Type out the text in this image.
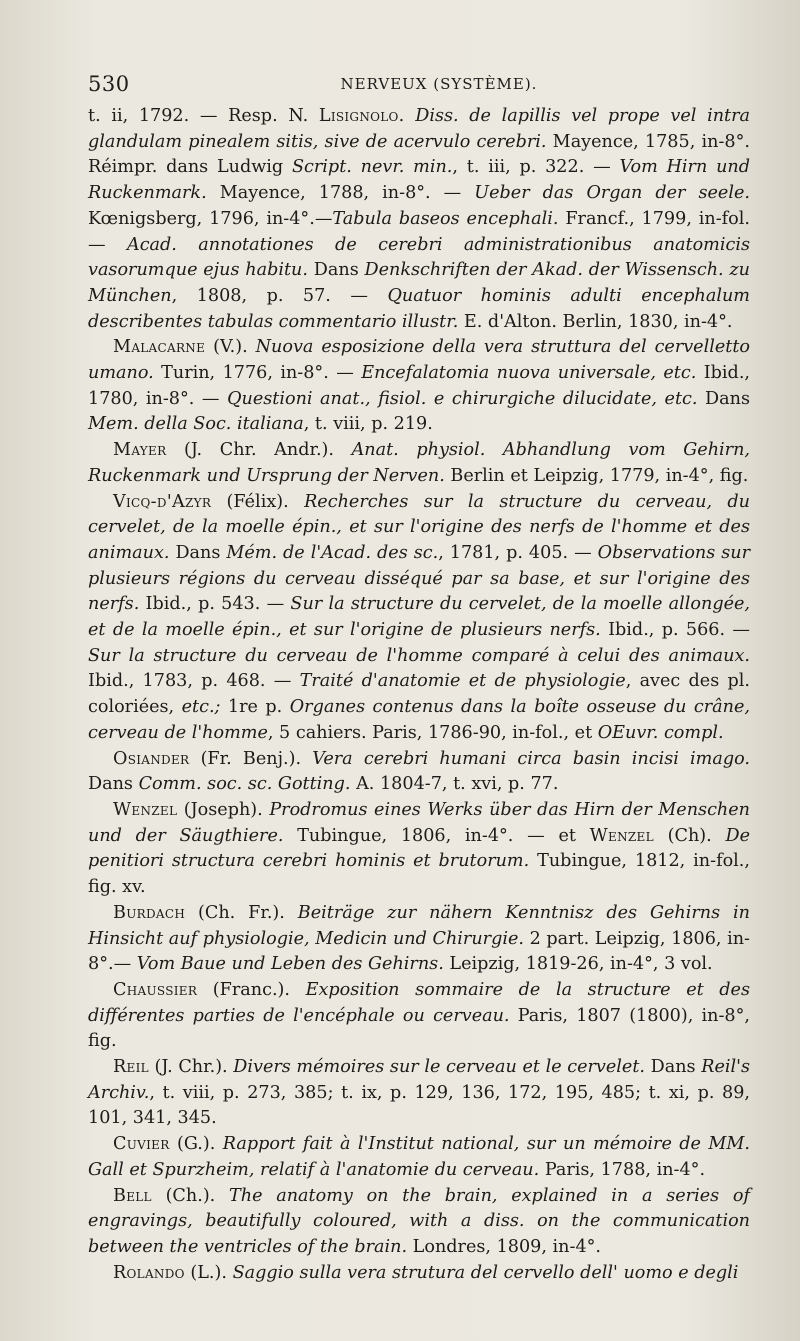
530	NERVEUX (SYSTÈME).

t. ii, 1792. — Resp. N. Lisignolo. Diss. de lapillis vel prope vel intra glandulam pinealem sitis, sive de acervulo cerebri. Mayence, 1785, in-8°. Réimpr. dans Ludwig Script. nevr. min., t. iii, p. 322. — Vom Hirn und Ruckenmark. Mayence, 1788, in-8°. — Ueber das Organ der seele. Kœnigsberg, 1796, in-4°.—Tabula baseos encephali. Francf., 1799, in-fol. — Acad. annotationes de cerebri administrationibus anatomicis vasorumque ejus habitu. Dans Denkschriften der Akad. der Wissensch. zu München, 1808, p. 57. — Quatuor hominis adulti encephalum describentes tabulas commentario illustr. E. d'Alton. Berlin, 1830, in-4°.

Malacarne (V.). Nuova esposizione della vera struttura del cervelletto umano. Turin, 1776, in-8°. — Encefalatomia nuova universale, etc. Ibid., 1780, in-8°. — Questioni anat., fisiol. e chirurgiche dilucidate, etc. Dans Mem. della Soc. italiana, t. viii, p. 219.

Mayer (J. Chr. Andr.). Anat. physiol. Abhandlung vom Gehirn, Ruckenmark und Ursprung der Nerven. Berlin et Leipzig, 1779, in-4°, fig.

Vicq-d'Azyr (Félix). Recherches sur la structure du cerveau, du cervelet, de la moelle épin., et sur l'origine des nerfs de l'homme et des animaux. Dans Mém. de l'Acad. des sc., 1781, p. 405. — Observations sur plusieurs régions du cerveau disséqué par sa base, et sur l'origine des nerfs. Ibid., p. 543. — Sur la structure du cervelet, de la moelle allongée, et de la moelle épin., et sur l'origine de plusieurs nerfs. Ibid., p. 566. — Sur la structure du cerveau de l'homme comparé à celui des animaux. Ibid., 1783, p. 468. — Traité d'anatomie et de physiologie, avec des pl. coloriées, etc.; 1re p. Organes contenus dans la boîte osseuse du crâne, cerveau de l'homme, 5 cahiers. Paris, 1786-90, in-fol., et OEuvr. compl.

Osiander (Fr. Benj.). Vera cerebri humani circa basin incisi imago. Dans Comm. soc. sc. Gotting. A. 1804-7, t. xvi, p. 77.

Wenzel (Joseph). Prodromus eines Werks über das Hirn der Menschen und der Säugthiere. Tubingue, 1806, in-4°. — et Wenzel (Ch). De penitiori structura cerebri hominis et brutorum. Tubingue, 1812, in-fol., fig. xv.

Burdach (Ch. Fr.). Beiträge zur nähern Kenntnisz des Gehirns in Hinsicht auf physiologie, Medicin und Chirurgie. 2 part. Leipzig, 1806, in-8°.— Vom Baue und Leben des Gehirns. Leipzig, 1819-26, in-4°, 3 vol.

Chaussier (Franc.). Exposition sommaire de la structure et des différentes parties de l'encéphale ou cerveau. Paris, 1807 (1800), in-8°, fig.

Reil (J. Chr.). Divers mémoires sur le cerveau et le cervelet. Dans Reil's Archiv., t. viii, p. 273, 385; t. ix, p. 129, 136, 172, 195, 485; t. xi, p. 89, 101, 341, 345.

Cuvier (G.). Rapport fait à l'Institut national, sur un mémoire de MM. Gall et Spurzheim, relatif à l'anatomie du cerveau. Paris, 1788, in-4°.

Bell (Ch.). The anatomy on the brain, explained in a series of engravings, beautifully coloured, with a diss. on the communication between the ventricles of the brain. Londres, 1809, in-4°.

Rolando (L.). Saggio sulla vera strutura del cervello dell' uomo e degli
